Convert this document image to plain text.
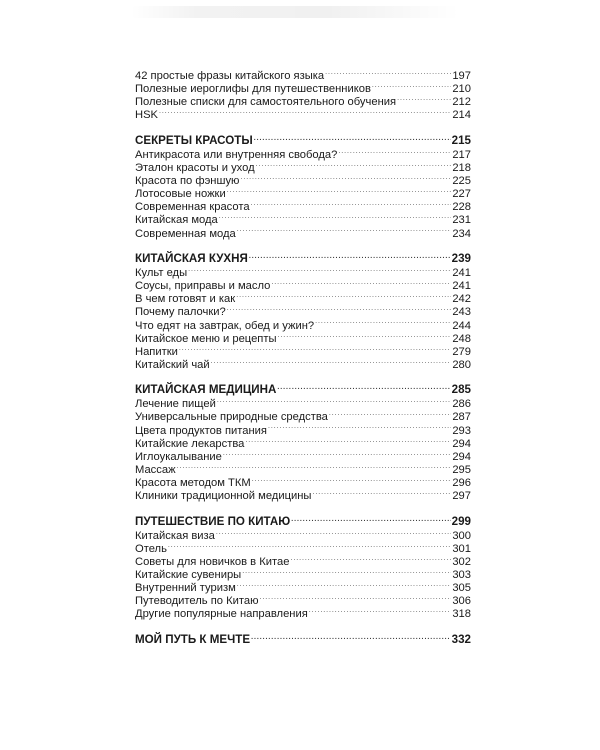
42 простые фразы китайского языка . . .	197
Полезные иероглифы для путешественников . . .	210
Полезные списки для самостоятельного обучения . . .	212
HSK . . .	214
СЕКРЕТЫ КРАСОТЫ . . .	215
Антикрасота или внутренняя свобода? . . .	217
Эталон красоты и уход . . .	218
Красота по фэншую . . .	225
Лотосовые ножки . . .	227
Современная красота . . .	228
Китайская мода . . .	231
Современная мода . . .	234
КИТАЙСКАЯ КУХНЯ . . .	239
Культ еды . . .	241
Соусы, приправы и масло . . .	241
В чем готовят и как . . .	242
Почему палочки? . . .	243
Что едят на завтрак, обед и ужин? . . .	244
Китайское меню и рецепты . . .	248
Напитки . . .	279
Китайский чай . . .	280
КИТАЙСКАЯ МЕДИЦИНА . . .	285
Лечение пищей . . .	286
Универсальные природные средства . . .	287
Цвета продуктов питания . . .	293
Китайские лекарства . . .	294
Иглоукалывание . . .	294
Массаж . . .	295
Красота методом ТКМ . . .	296
Клиники традиционной медицины . . .	297
ПУТЕШЕСТВИЕ ПО КИТАЮ . . .	299
Китайская виза . . .	300
Отель . . .	301
Советы для новичков в Китае . . .	302
Китайские сувениры . . .	303
Внутренний туризм . . .	305
Путеводитель по Китаю . . .	306
Другие популярные направления . . .	318
МОЙ ПУТЬ К МЕЧТЕ . . .	332
